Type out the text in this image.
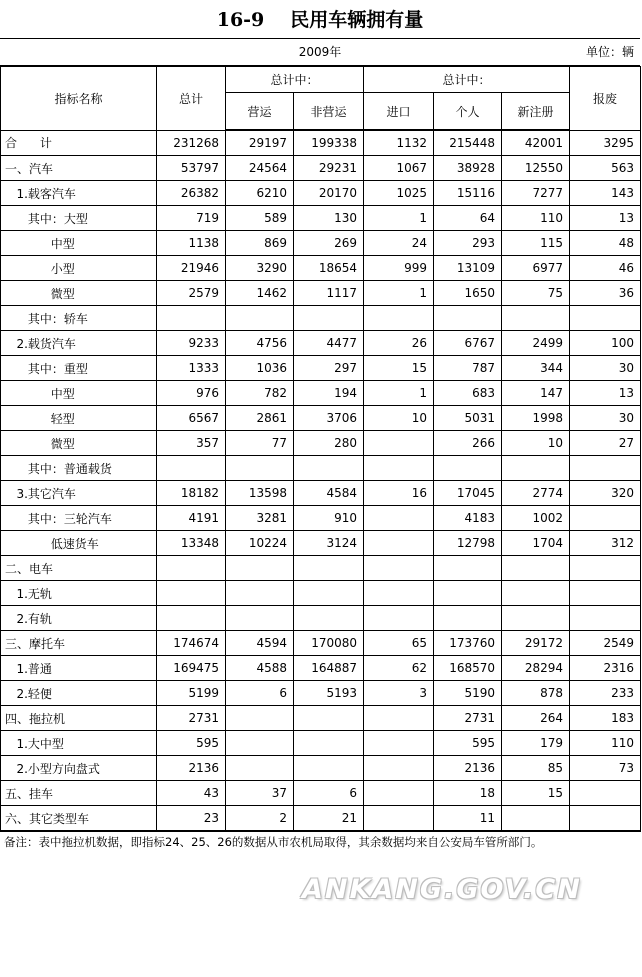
16-9 民用车辆拥有量
2009年	单位：辆
指标名称	总计	总计中：		总计中：			报废
		营运	非营运	进口	个人	新注册	
合      计	231268	29197	199338	1132	215448	42001	3295
一、汽车	53797	24564	29231	1067	38928	12550	563
1.载客汽车	26382	6210	20170	1025	15116	7277	143
其中：大型	719	589	130	1	64	110	13
中型	1138	869	269	24	293	115	48
小型	21946	3290	18654	999	13109	6977	46
微型	2579	1462	1117	1	1650	75	36
其中：轿车							
2.载货汽车	9233	4756	4477	26	6767	2499	100
其中：重型	1333	1036	297	15	787	344	30
中型	976	782	194	1	683	147	13
轻型	6567	2861	3706	10	5031	1998	30
微型	357	77	280		266	10	27
其中：普通载货							
3.其它汽车	18182	13598	4584	16	17045	2774	320
其中：三轮汽车	4191	3281	910		4183	1002	
低速货车	13348	10224	3124		12798	1704	312
二、电车							
1.无轨							
2.有轨							
三、摩托车	174674	4594	170080	65	173760	29172	2549
1.普通	169475	4588	164887	62	168570	28294	2316
2.轻便	5199	6	5193	3	5190	878	233
四、拖拉机	2731				2731	264	183
1.大中型	595				595	179	110
2.小型方向盘式	2136				2136	85	73
五、挂车	43	37	6		18	15	
六、其它类型车	23	2	21		11		
备注：表中拖拉机数据，即指标24、25、26的数据从市农机局取得，其余数据均来自公安局车管所部门。
ANKANG.GOV.CN
